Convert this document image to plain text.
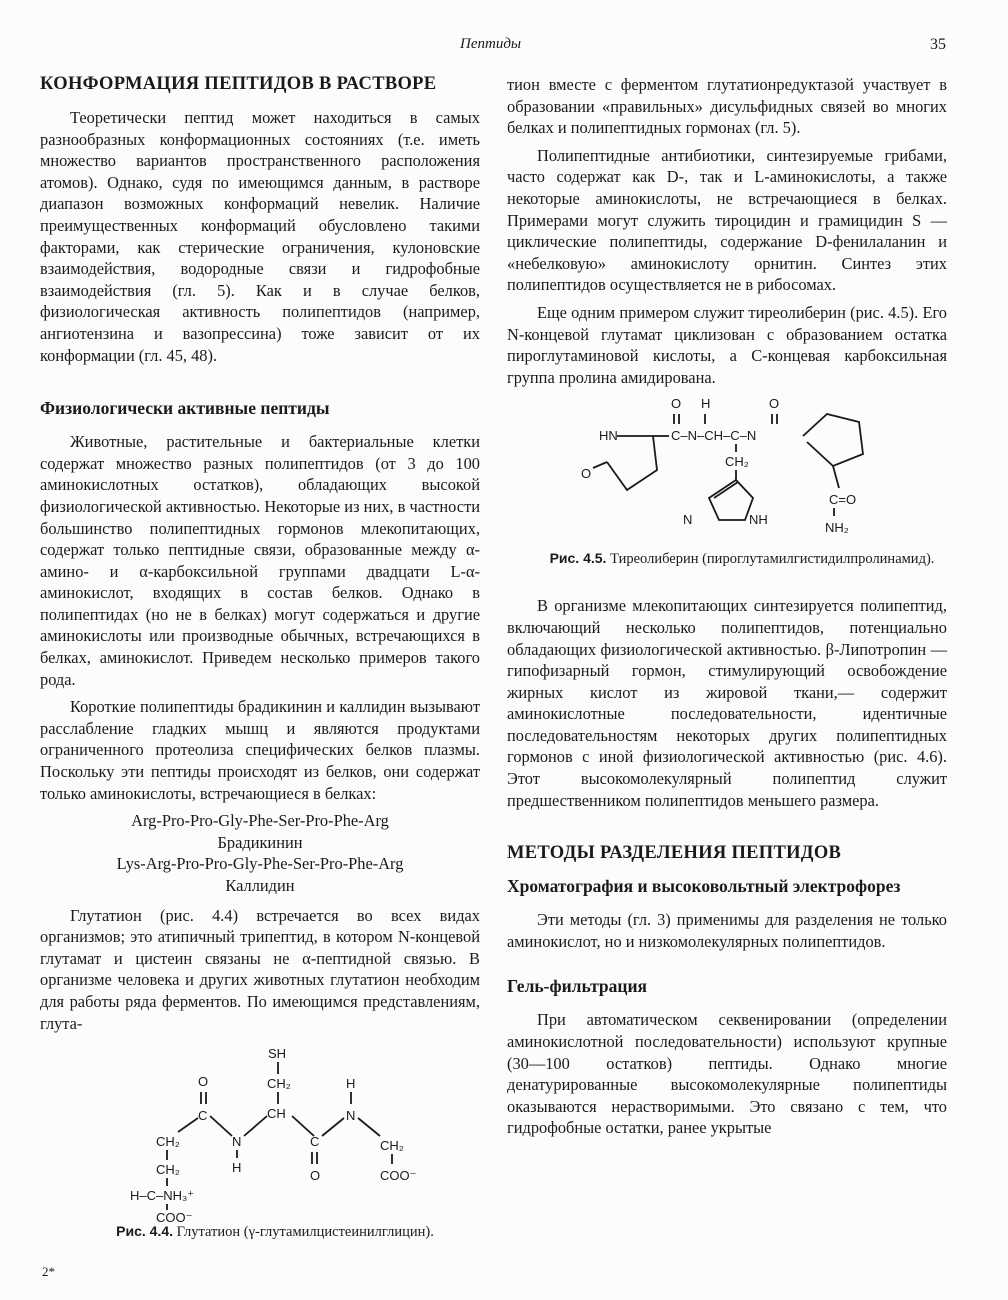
Пептиды	35
КОНФОРМАЦИЯ ПЕПТИДОВ В РАСТВОРЕ

Теоретически пептид может находиться в самых разнообразных конформационных состояниях (т.е. иметь множество вариантов пространственного расположения атомов). Однако, судя по имеющимся данным, в растворе диапазон возможных конформаций невелик. Наличие преимущественных конформаций обусловлено такими факторами, как стерические ограничения, кулоновские взаимодействия, водородные связи и гидрофобные взаимодействия (гл. 5). Как и в случае белков, физиологическая активность полипептидов (например, ангиотензина и вазопрессина) тоже зависит от их конформации (гл. 45, 48).

Физиологически активные пептиды

Животные, растительные и бактериальные клетки содержат множество разных полипептидов (от 3 до 100 аминокислотных остатков), обладающих высокой физиологической активностью. Некоторые из них, в частности большинство полипептидных гормонов млекопитающих, содержат только пептидные связи, образованные между α-амино- и α-карбоксильной группами двадцати L-α-аминокислот, входящих в состав белков. Однако в полипептидах (но не в белках) могут содержаться и другие аминокислоты или производные обычных, встречающихся в белках, аминокислот. Приведем несколько примеров такого рода.

Короткие полипептиды брадикинин и каллидин вызывают расслабление гладких мышц и являются продуктами ограниченного протеолиза специфических белков плазмы. Поскольку эти пептиды происходят из белков, они содержат только аминокислоты, встречающиеся в белках:

Arg-Pro-Pro-Gly-Phe-Ser-Pro-Phe-Arg

Брадикинин

Lys-Arg-Pro-Pro-Gly-Phe-Ser-Pro-Phe-Arg

Каллидин

Глутатион (рис. 4.4) встречается во всех видах организмов; это атипичный трипептид, в котором N-концевой глутамат и цистеин связаны не α-пептидной связью. В организме человека и других животных глутатион необходим для работы ряда ферментов. По имеющимся представлениям, глута-

SH
CH₂
CH
O
C
N
H
CH₂
CH₂
H–C–NH₃⁺
COO⁻
C
O
H
N
CH₂
COO⁻

Рис. 4.4. Глутатион (γ-глутамилцистеинилглицин).

тион вместе с ферментом глутатионредуктазой участвует в образовании «правильных» дисульфидных связей во многих белках и полипептидных гормонах (гл. 5).

Полипептидные антибиотики, синтезируемые грибами, часто содержат как D-, так и L-аминокислоты, а также некоторые аминокислоты, не встречающиеся в белках. Примерами могут служить тироцидин и грамицидин S — циклические полипептиды, содержание D-фенилаланин и «небелковую» аминокислоту орнитин. Синтез этих полипептидов осуществляется не в рибосомах.

Еще одним примером служит тиреолиберин (рис. 4.5). Его N-концевой глутамат циклизован с образованием остатка пироглутаминовой кислоты, а C-концевая карбоксильная группа пролина амидирована.

HN
O
O H
C–N–CH–C–N
O
CH₂
N	NH
C=O
NH₂

Рис. 4.5. Тиреолиберин (пироглутамилгистидилпролинамид).

В организме млекопитающих синтезируется полипептид, включающий несколько полипептидов, потенциально обладающих физиологической активностью. β-Липотропин — гипофизарный гормон, стимулирующий освобождение жирных кислот из жировой ткани,— содержит аминокислотные последовательности, идентичные последовательностям некоторых других полипептидных гормонов с иной физиологической активностью (рис. 4.6). Этот высокомолекулярный полипептид служит предшественником полипептидов меньшего размера.

МЕТОДЫ РАЗДЕЛЕНИЯ ПЕПТИДОВ
Хроматография и высоковольтный электрофорез

Эти методы (гл. 3) применимы для разделения не только аминокислот, но и низкомолекулярных полипептидов.

Гель-фильтрация

При автоматическом секвенировании (определении аминокислотной последовательности) используют крупные (30—100 остатков) пептиды. Однако многие денатурированные высокомолекулярные полипептиды оказываются нерастворимыми. Это связано с тем, что гидрофобные остатки, ранее укрытые

2*
